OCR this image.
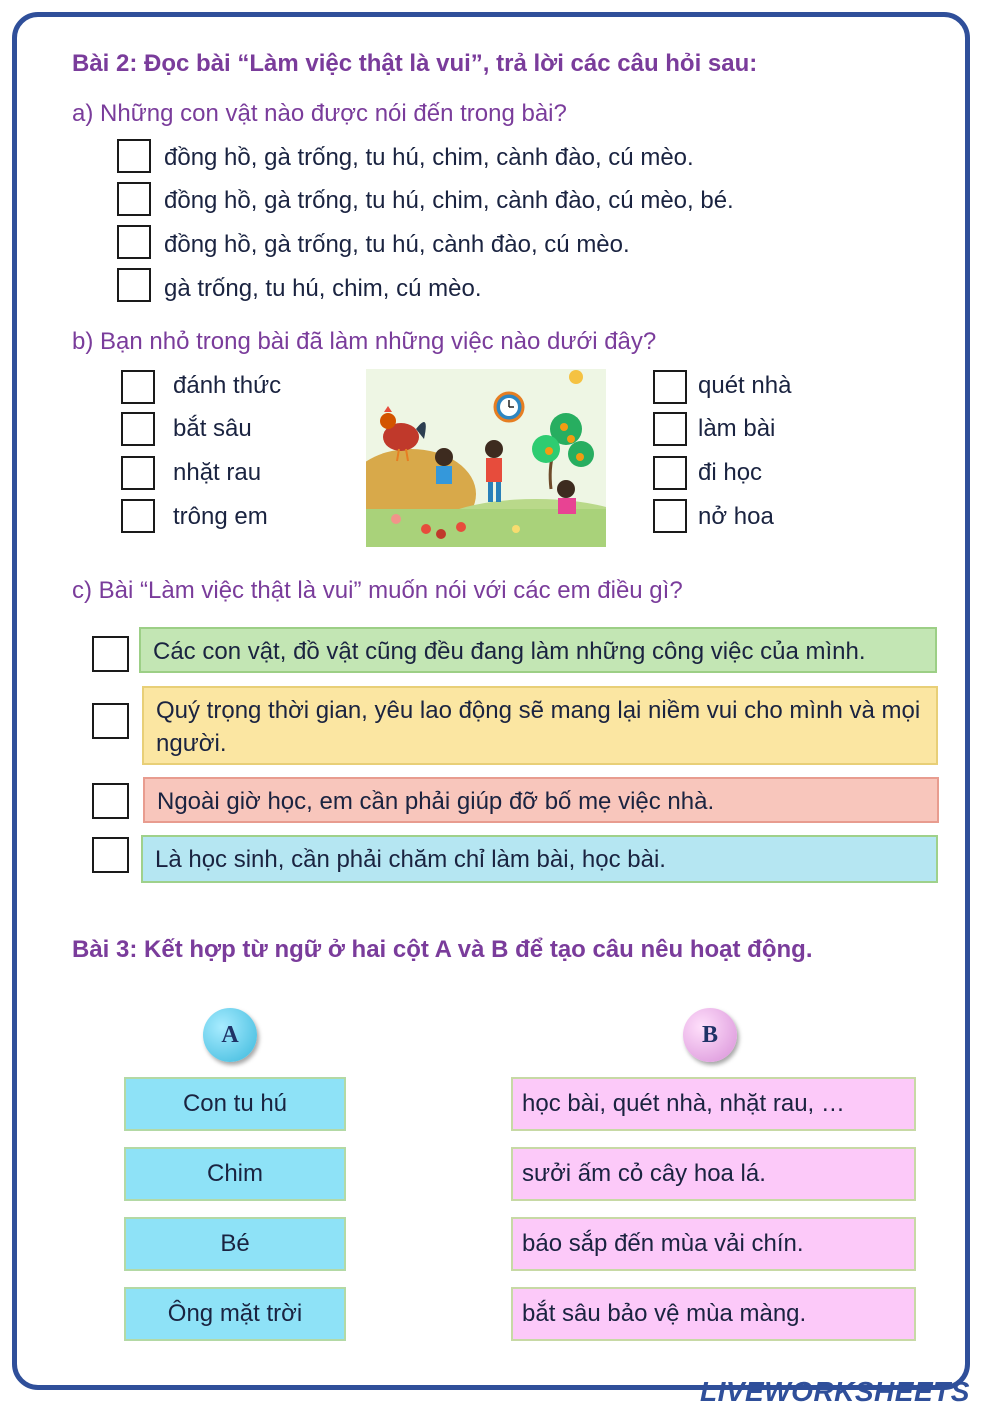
Bài 2: Đọc bài “Làm việc thật là vui”, trả lời các câu hỏi sau:
a) Những con vật nào được nói đến trong bài?
đồng hồ, gà trống, tu hú, chim, cành đào, cú mèo.
đồng hồ, gà trống, tu hú, chim, cành đào, cú mèo, bé.
đồng hồ, gà trống, tu hú, cành đào, cú mèo.
gà trống, tu hú, chim, cú mèo.
b) Bạn nhỏ trong bài đã làm những việc nào dưới đây?
đánh thức
bắt sâu
nhặt rau
trông em
quét nhà
làm bài
đi học
nở hoa
c) Bài “Làm việc thật là vui” muốn nói với các em điều gì?
Các con vật, đồ vật cũng đều đang làm những công việc của mình.
Quý trọng thời gian, yêu lao động sẽ mang lại niềm vui cho mình và mọi người.
Ngoài giờ học, em cần phải giúp đỡ bố mẹ việc nhà.
Là học sinh, cần phải chăm chỉ làm bài, học bài.
Bài 3: Kết hợp từ ngữ ở hai cột A và B để tạo câu nêu hoạt động.
A	B
Con tu hú
Chim
Bé
Ông mặt trời
học bài, quét nhà, nhặt rau, …
sưởi ấm cỏ cây hoa lá.
báo sắp đến mùa vải chín.
bắt sâu bảo vệ mùa màng.
LIVEWORKSHEETS
